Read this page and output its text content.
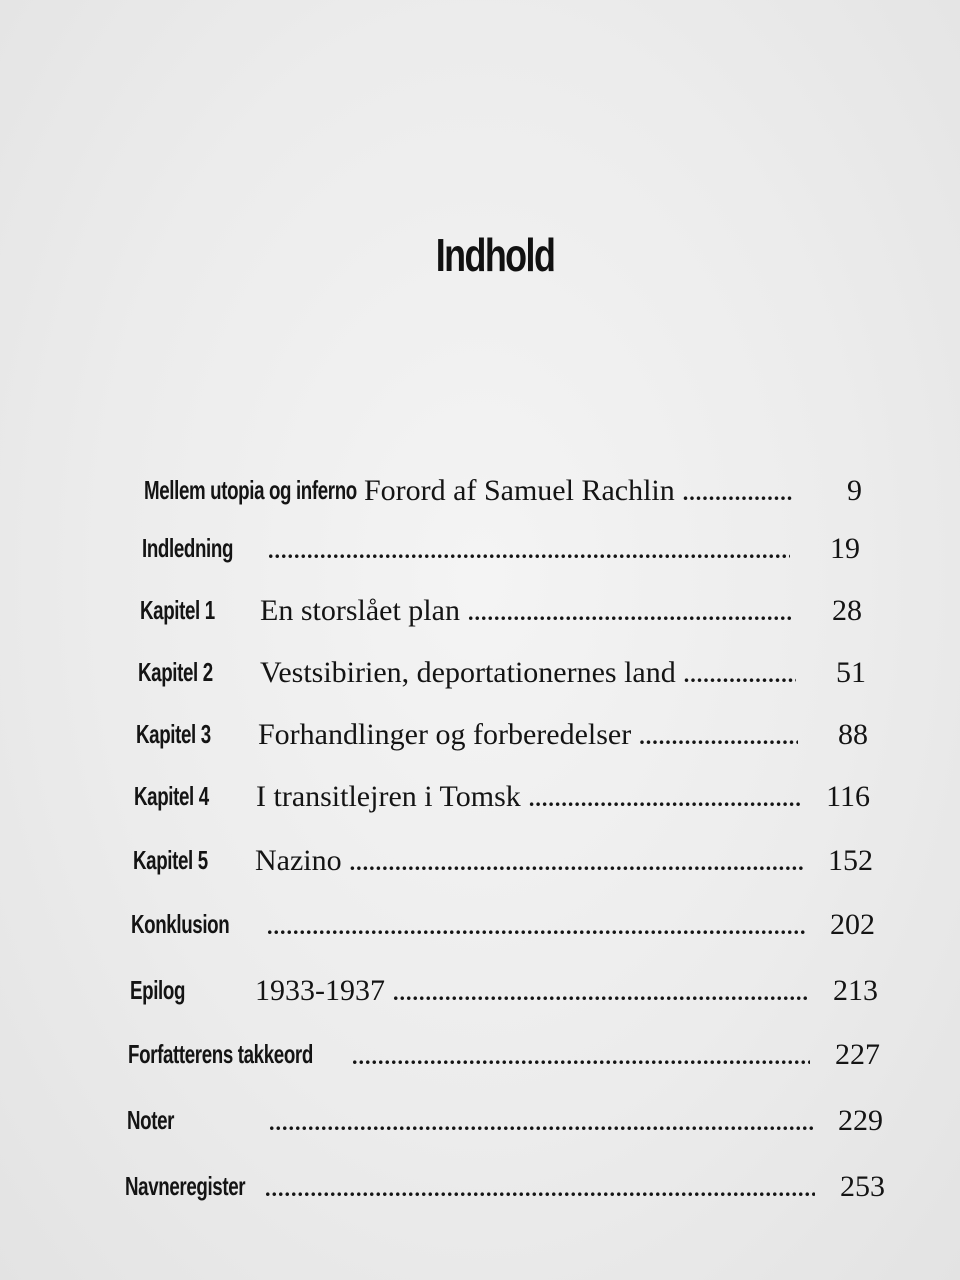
Indhold
Mellem utopia og inferno Forord af Samuel Rachlin .....	9
Indledning .....	19
Kapitel 1 En storslået plan .....	28
Kapitel 2 Vestsibirien, deportationernes land .....	51
Kapitel 3 Forhandlinger og forberedelser .....	88
Kapitel 4 I transitlejren i Tomsk .....	116
Kapitel 5 Nazino .....	152
Konklusion .....	202
Epilog 1933-1937 .....	213
Forfatterens takkeord .....	227
Noter .....	229
Navneregister .....	253
